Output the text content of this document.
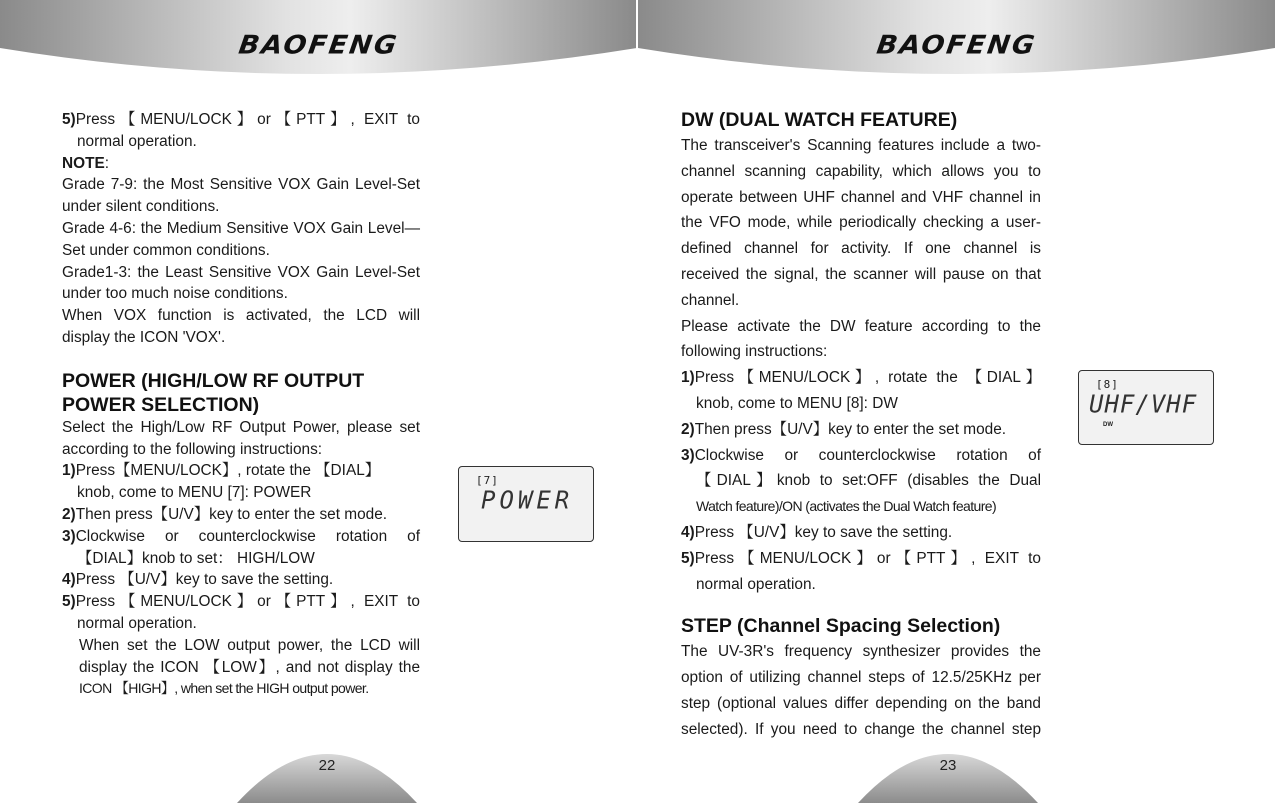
BAOFENG
5)Press【MENU/LOCK】or【PTT】, EXIT to
normal operation.
NOTE:
Grade 7-9: the Most Sensitive VOX Gain Level-Set under silent conditions.
Grade 4-6: the Medium Sensitive VOX Gain Level—Set under common conditions.
Grade1-3: the Least Sensitive VOX Gain Level-Set under too much noise conditions.
When VOX function is activated, the LCD will display the ICON 'VOX'.
POWER (HIGH/LOW RF OUTPUT POWER SELECTION)
Select the High/Low RF Output Power, please set according to the following instructions:
1)Press【MENU/LOCK】, rotate the 【DIAL】
knob, come to MENU [7]: POWER
2)Then press【U/V】key to enter the set mode.
3)Clockwise or counterclockwise rotation of
【DIAL】knob to set： HIGH/LOW
4)Press 【U/V】key to save the setting.
5)Press【MENU/LOCK】or【PTT】, EXIT to
normal operation.
When set the LOW output power, the LCD will
display the ICON 【LOW】, and not display the
ICON 【HIGH】, when set the HIGH output power.
[7]
POWER
22
BAOFENG
DW (DUAL WATCH FEATURE)
The transceiver's Scanning features include a two-channel scanning capability, which allows you to operate between UHF channel and VHF channel in the VFO mode, while periodically checking a user-defined channel for activity. If one channel is received the signal, the scanner will pause on that channel.
Please activate the DW feature according to the following instructions:
1)Press【MENU/LOCK】, rotate the 【DIAL】
knob, come to MENU [8]: DW
2)Then press【U/V】key to enter the set mode.
3)Clockwise or counterclockwise rotation of
【DIAL】knob to set:OFF (disables the Dual
Watch feature)/ON (activates the Dual Watch feature)
4)Press 【U/V】key to save the setting.
5)Press【MENU/LOCK】or【PTT】, EXIT to
normal operation.
STEP (Channel Spacing Selection)
The UV-3R's frequency synthesizer provides the option of utilizing channel steps of 12.5/25KHz per step (optional values differ depending on the band selected). If you need to change the channel step
[8]
UHF/VHF
DW
23
